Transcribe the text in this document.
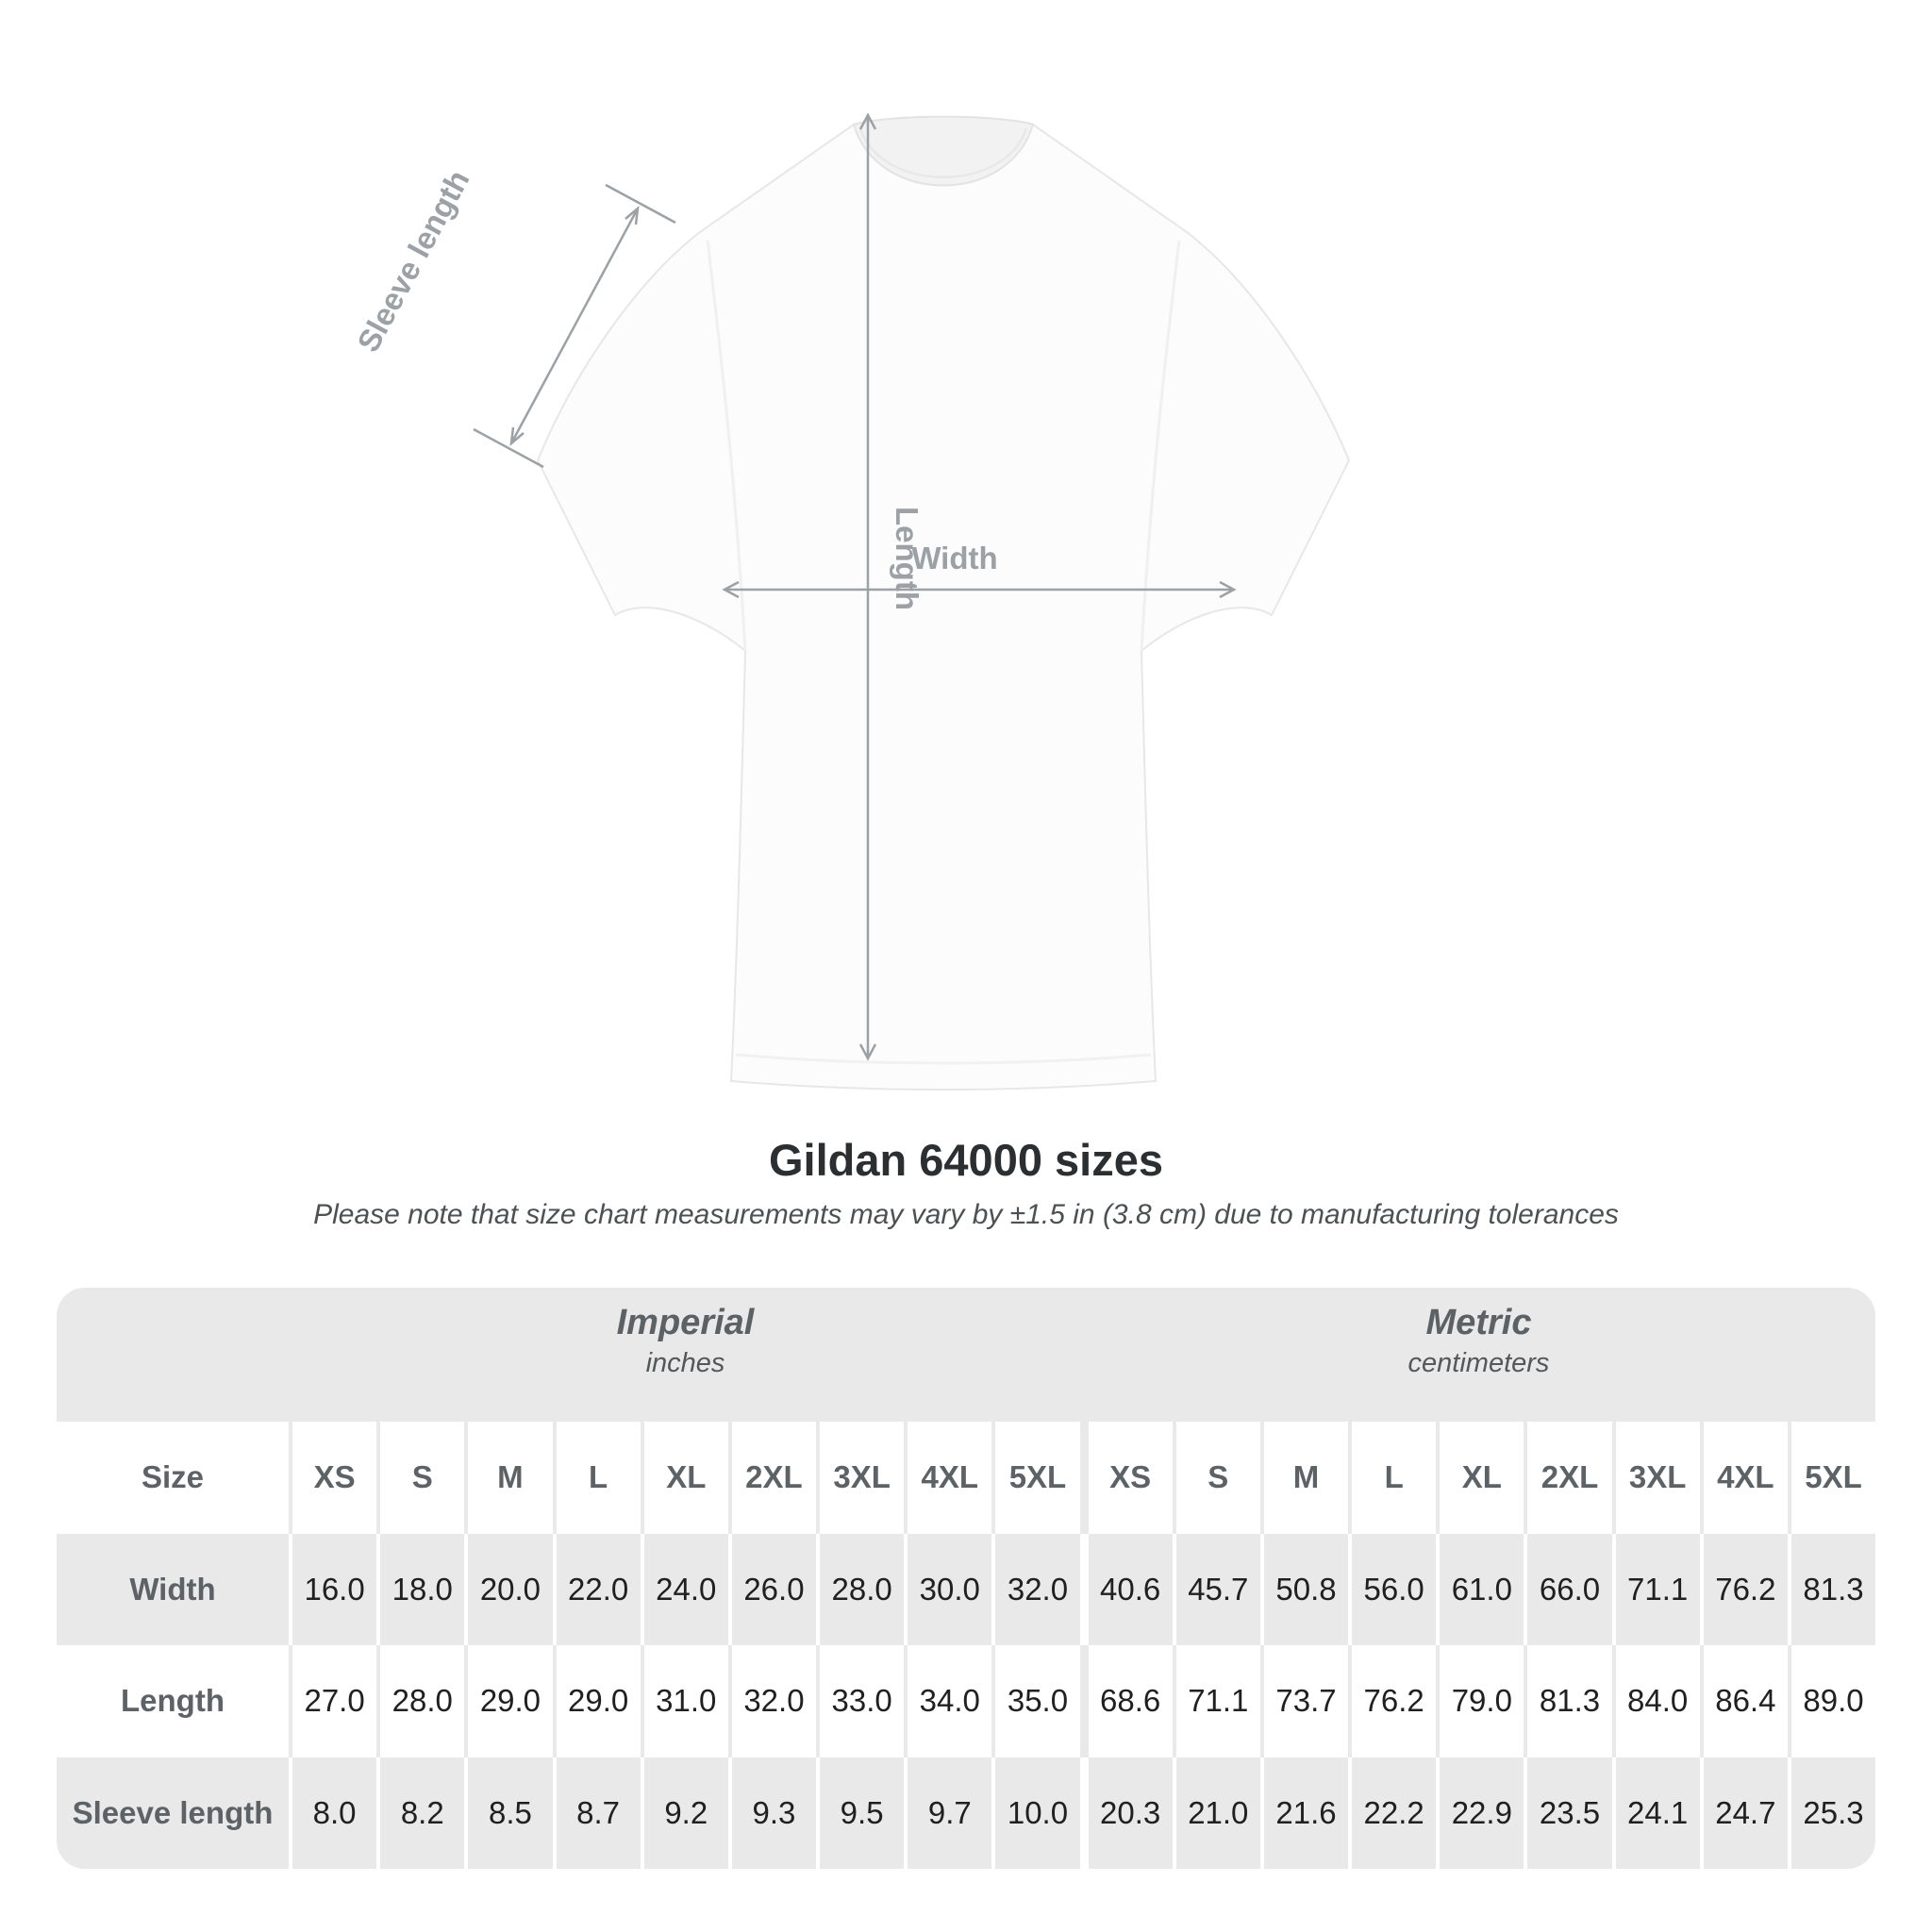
Sleeve length
Length
Width
Gildan 64000 sizes

Please note that size chart measurements may vary by ±1.5 in (3.8 cm) due to manufacturing tolerances

Imperial
inches
Metric
centimeters
Size	XS	S	M	L	XL	2XL 3XL 4XL 5XL	XS	S	M	L	XL	2XL 3XL 4XL 5XL
Width	16.0 18.0 20.0 22.0 24.0 26.0 28.0 30.0 32.0	40.6 45.7 50.8 56.0 61.0 66.0 71.1 76.2 81.3
Length	27.0 28.0 29.0 29.0 31.0 32.0 33.0 34.0 35.0	68.6 71.1 73.7 76.2 79.0 81.3 84.0 86.4 89.0
Sleeve length	8.0	8.2	8.5	8.7	9.2	9.3	9.5	9.7	10.0	20.3 21.0 21.6 22.2 22.9 23.5 24.1 24.7 25.3
